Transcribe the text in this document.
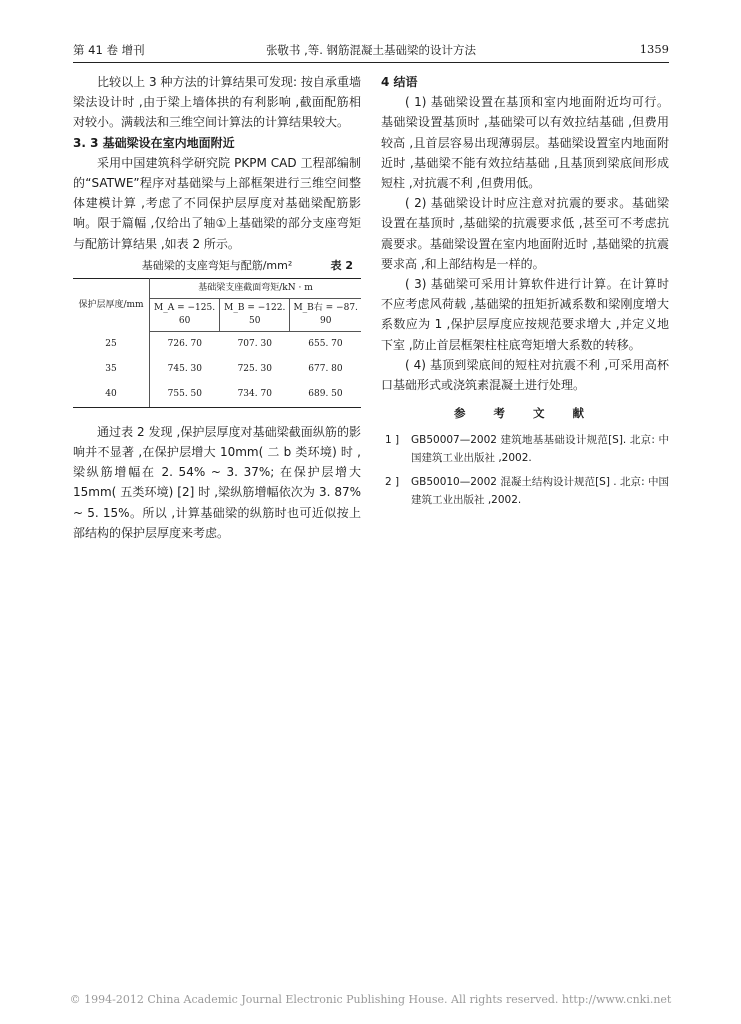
第 41 卷 增刊	张敬书 ,等. 钢筋混凝土基础梁的设计方法	1359

比较以上 3 种方法的计算结果可发现: 按自承重墙梁法设计时 ,由于梁上墙体拱的有利影响 ,截面配筋相对较小。满载法和三维空间计算法的计算结果较大。

3. 3 基础梁设在室内地面附近

采用中国建筑科学研究院 PKPM CAD 工程部编制的“SATWE”程序对基础梁与上部框架进行三维空间整体建模计算 ,考虑了不同保护层厚度对基础梁配筋影响。限于篇幅 ,仅给出了轴①上基础梁的部分支座弯矩与配筋计算结果 ,如表 2 所示。

基础梁的支座弯矩与配筋/mm²	表 2
保护层厚度/mm	基础梁支座截面弯矩/kN · m		
	M_A = −125. 60	M_B = −122. 50	M_B右 = −87. 90
25	726. 70	707. 30	655. 70
35	745. 30	725. 30	677. 80
40	755. 50	734. 70	689. 50

通过表 2 发现 ,保护层厚度对基础梁截面纵筋的影响并不显著 ,在保护层增大 10mm( 二 b 类环境) 时 ,梁纵筋增幅在 2. 54% ~ 3. 37%; 在保护层增大 15mm( 五类环境) [2] 时 ,梁纵筋增幅依次为 3. 87% ~ 5. 15%。所以 ,计算基础梁的纵筋时也可近似按上部结构的保护层厚度来考虑。

4 结语

( 1) 基础梁设置在基顶和室内地面附近均可行。基础梁设置基顶时 ,基础梁可以有效拉结基础 ,但费用较高 ,且首层容易出现薄弱层。基础梁设置室内地面附近时 ,基础梁不能有效拉结基础 ,且基顶到梁底间形成短柱 ,对抗震不利 ,但费用低。

( 2) 基础梁设计时应注意对抗震的要求。基础梁设置在基顶时 ,基础梁的抗震要求低 ,甚至可不考虑抗震要求。基础梁设置在室内地面附近时 ,基础梁的抗震要求高 ,和上部结构是一样的。

( 3) 基础梁可采用计算软件进行计算。在计算时 不应考虑风荷载 ,基础梁的扭矩折减系数和梁刚度增大系数应为 1 ,保护层厚度应按规范要求增大 ,并定义地下室 ,防止首层框架柱柱底弯矩增大系数的转移。

( 4) 基顶到梁底间的短柱对抗震不利 ,可采用高杯口基础形式或浇筑素混凝土进行处理。

参 考 文 献
1 ] GB50007—2002 建筑地基基础设计规范[S]. 北京: 中国建筑工业出版社 ,2002.
2 ] GB50010—2002 混凝土结构设计规范[S] . 北京: 中国建筑工业出版社 ,2002.
© 1994-2012 China Academic Journal Electronic Publishing House. All rights reserved. http://www.cnki.net
